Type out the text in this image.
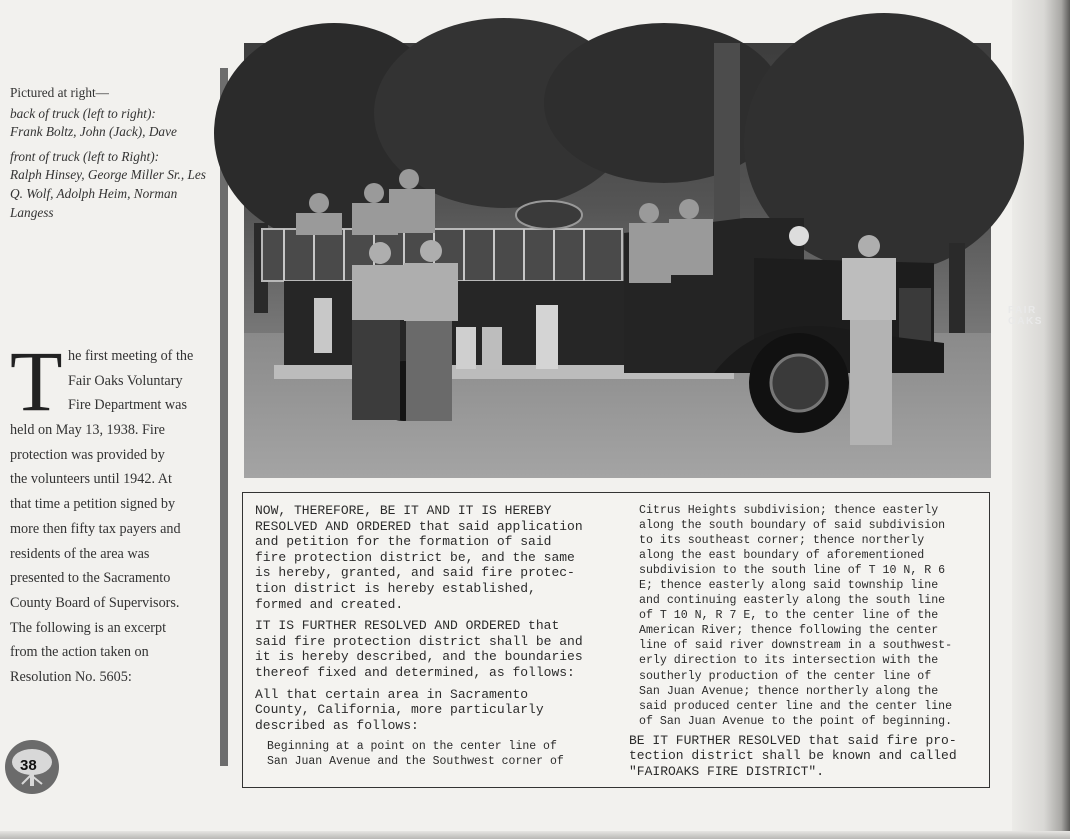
Pictured at right—
back of truck (left to right):
Frank Boltz, John (Jack), Dave
front of truck (left to Right):
Ralph Hinsey, George Miller Sr., Les Q. Wolf, Adolph Heim, Norman Langess
T he first meeting of the
Fair Oaks Voluntary
Fire Department was
held on May 13, 1938. Fire
protection was provided by
the volunteers until 1942. At
that time a petition signed by
more then fifty tax payers and
residents of the area was
presented to the Sacramento
County Board of Supervisors.
The following is an excerpt
from the action taken on
Resolution No. 5605:
FAIR OAKS

NOW, THEREFORE, BE IT AND IT IS HEREBY
RESOLVED AND ORDERED that said application
and petition for the formation of said
fire protection district be, and the same
is hereby, granted, and said fire protec-
tion district is hereby established,
formed and created.

IT IS FURTHER RESOLVED AND ORDERED that
said fire protection district shall be and
it is hereby described, and the boundaries
thereof fixed and determined, as follows:

All that certain area in Sacramento
County, California, more particularly
described as follows:

Beginning at a point on the center line of
San Juan Avenue and the Southwest corner of

Citrus Heights subdivision; thence easterly
along the south boundary of said subdivision
to its southeast corner; thence northerly
along the east boundary of aforementioned
subdivision to the south line of T 10 N, R 6
E; thence easterly along said township line
and continuing easterly along the south line
of T 10 N, R 7 E, to the center line of the
American River; thence following the center
line of said river downstream in a southwest-
erly direction to its intersection with the
southerly production of the center line of
San Juan Avenue; thence northerly along the
said produced center line and the center line
of San Juan Avenue to the point of beginning.

BE IT FURTHER RESOLVED that said fire pro-
tection district shall be known and called
"FAIROAKS FIRE DISTRICT".

38
